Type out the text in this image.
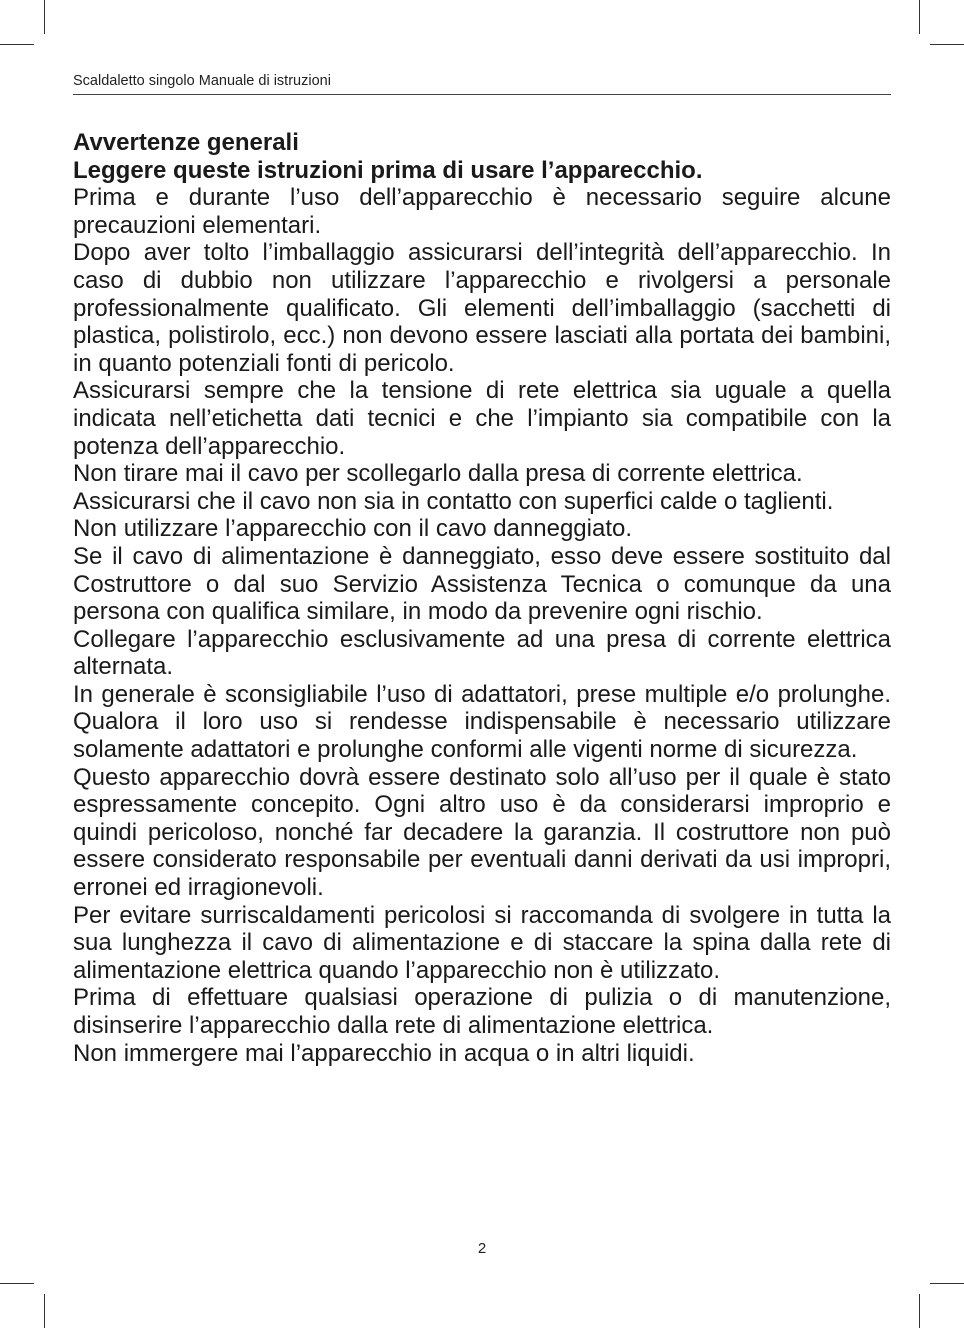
Scaldaletto singolo Manuale di istruzioni
Avvertenze generali
Leggere queste istruzioni prima di usare l’apparecchio.

Prima e durante l’uso dell’apparecchio è necessario seguire alcune precauzioni elementari.

Dopo aver tolto l’imballaggio assicurarsi dell’integrità dell’apparecchio. In caso di dubbio non utilizzare l’apparecchio e rivolgersi a personale professionalmente qualificato. Gli elementi dell’imballaggio (sacchetti di plastica, polistirolo, ecc.) non devono essere lasciati alla portata dei bambini, in quanto potenziali fonti di pericolo.

Assicurarsi sempre che la tensione di rete elettrica sia uguale a quella indicata nell’etichetta dati tecnici e che l’impianto sia compatibile con la potenza dell’apparecchio.

Non tirare mai il cavo per scollegarlo dalla presa di corrente elettrica.

Assicurarsi che il cavo non sia in contatto con superfici calde o taglienti.

Non utilizzare l’apparecchio con il cavo danneggiato.

Se il cavo di alimentazione è danneggiato, esso deve essere sostituito dal Costruttore o dal suo Servizio Assistenza Tecnica o comunque da una persona con qualifica similare, in modo da prevenire ogni rischio.

Collegare l’apparecchio esclusivamente ad una presa di corrente elettrica alternata.

In generale è sconsigliabile l’uso di adattatori, prese multiple e/o prolunghe. Qualora il loro uso si rendesse indispensabile è necessario utilizzare solamente adattatori e prolunghe conformi alle vigenti norme di sicurezza.

Questo apparecchio dovrà essere destinato solo all’uso per il quale è stato espressamente concepito. Ogni altro uso è da considerarsi improprio e quindi pericoloso, nonché far decadere la garanzia. Il costruttore non può essere considerato responsabile per eventuali danni derivati da usi impropri, erronei ed irragionevoli.

Per evitare surriscaldamenti pericolosi si raccomanda di svolgere in tutta la sua lunghezza il cavo di alimentazione e di staccare la spina dalla rete di alimentazione elettrica quando l’apparecchio non è utilizzato.

Prima di effettuare qualsiasi operazione di pulizia o di manutenzione, disinserire l’apparecchio dalla rete di alimentazione elettrica.

Non immergere mai l’apparecchio in acqua o in altri liquidi.

2
